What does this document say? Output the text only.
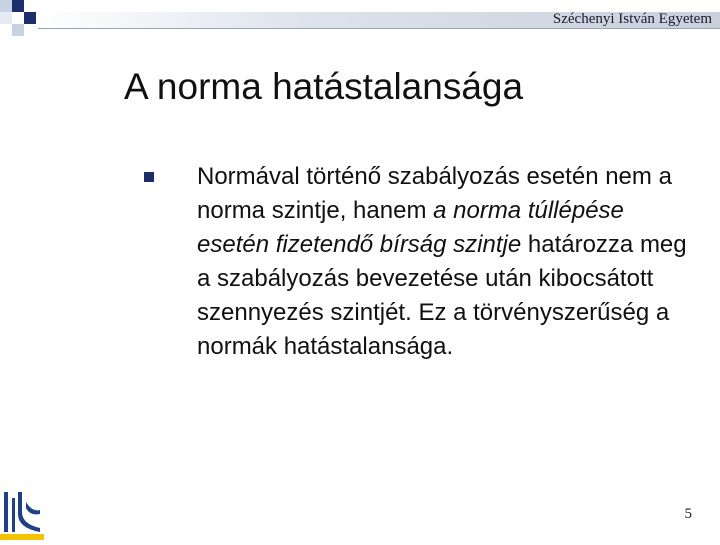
Széchenyi István Egyetem
A norma hatástalansága
Normával történő szabályozás esetén nem a norma szintje, hanem a norma túllépése esetén fizetendő bírság szintje határozza meg a szabályozás bevezetése után kibocsátott szennyezés szintjét. Ez a törvényszerűség a normák hatástalansága.
5
